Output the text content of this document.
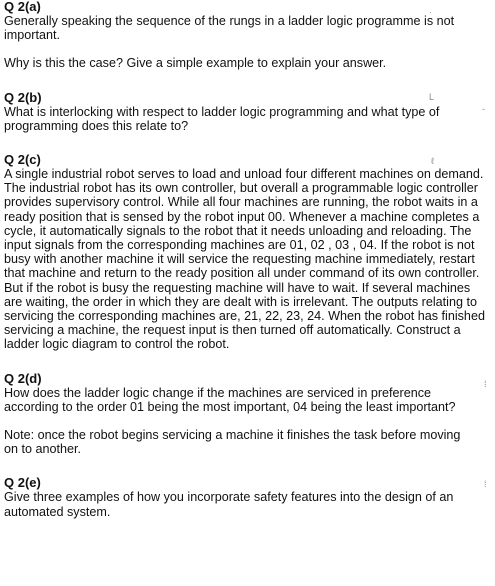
Q 2(a)

Generally speaking the sequence of the rungs in a ladder logic programme is not important.

Why is this the case? Give a simple example to explain your answer.

.

Q 2(b)

What is interlocking with respect to ladder logic programming and what type of programming does this relate to?

L
-

Q 2(c)

A single industrial robot serves to load and unload four different machines on demand. The industrial robot has its own controller, but overall a programmable logic controller provides supervisory control. While all four machines are running, the robot waits in a ready position that is sensed by the robot input 00. Whenever a machine completes a cycle, it automatically signals to the robot that it needs unloading and reloading. The input signals from the corresponding machines are 01, 02 , 03 , 04. If the robot is not busy with another machine it will service the requesting machine immediately, restart that machine and return to the ready position all under command of its own controller. But if the robot is busy the requesting machine will have to wait. If several machines are waiting, the order in which they are dealt with is irrelevant. The outputs relating to servicing the corresponding machines are, 21, 22, 23, 24. When the robot has finished servicing a machine, the request input is then turned off automatically. Construct a ladder logic diagram to control the robot.

ℓ

Q 2(d)

How does the ladder logic change if the machines are serviced in preference according to the order 01 being the most important, 04 being the least important?

Note: once the robot begins servicing a machine it finishes the task before moving on to another.

⁞

Q 2(e)

Give three examples of how you incorporate safety features into the design of an automated system.

⁞
